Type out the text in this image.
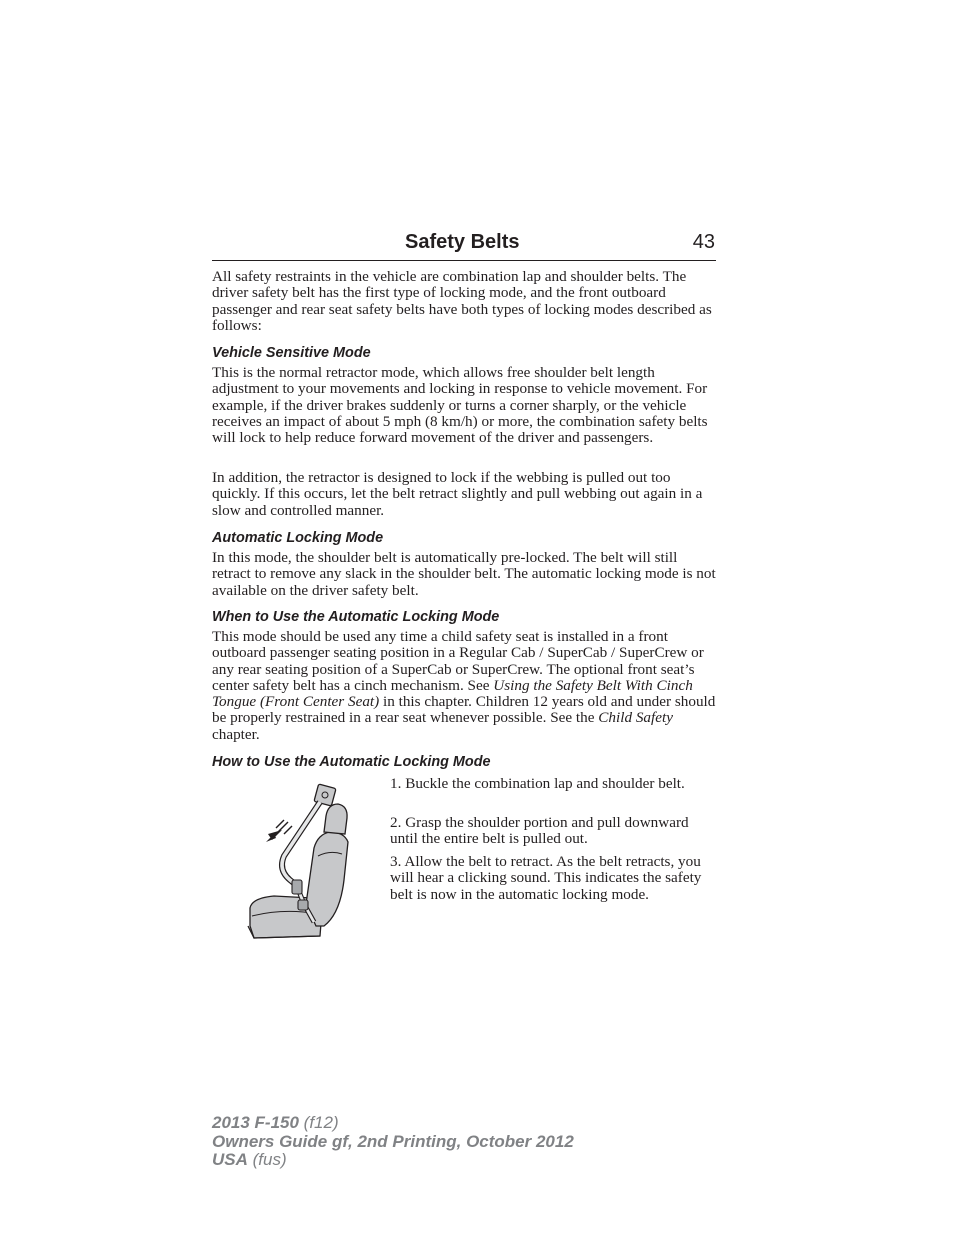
Safety Belts	43

All safety restraints in the vehicle are combination lap and shoulder belts. The driver safety belt has the first type of locking mode, and the front outboard passenger and rear seat safety belts have both types of locking modes described as follows:

Vehicle Sensitive Mode

This is the normal retractor mode, which allows free shoulder belt length adjustment to your movements and locking in response to vehicle movement. For example, if the driver brakes suddenly or turns a corner sharply, or the vehicle receives an impact of about 5 mph (8 km/h) or more, the combination safety belts will lock to help reduce forward movement of the driver and passengers.

In addition, the retractor is designed to lock if the webbing is pulled out too quickly. If this occurs, let the belt retract slightly and pull webbing out again in a slow and controlled manner.

Automatic Locking Mode

In this mode, the shoulder belt is automatically pre-locked. The belt will still retract to remove any slack in the shoulder belt. The automatic locking mode is not available on the driver safety belt.

When to Use the Automatic Locking Mode

This mode should be used any time a child safety seat is installed in a front outboard passenger seating position in a Regular Cab / SuperCab / SuperCrew or any rear seating position of a SuperCab or SuperCrew. The optional front seat’s center safety belt has a cinch mechanism. See Using the Safety Belt With Cinch Tongue (Front Center Seat) in this chapter. Children 12 years old and under should be properly restrained in a rear seat whenever possible. See the Child Safety chapter.

How to Use the Automatic Locking Mode

1. Buckle the combination lap and shoulder belt.

2. Grasp the shoulder portion and pull downward until the entire belt is pulled out.

3. Allow the belt to retract. As the belt retracts, you will hear a clicking sound. This indicates the safety belt is now in the automatic locking mode.

2013 F-150 (f12)
Owners Guide gf, 2nd Printing, October 2012
USA (fus)
